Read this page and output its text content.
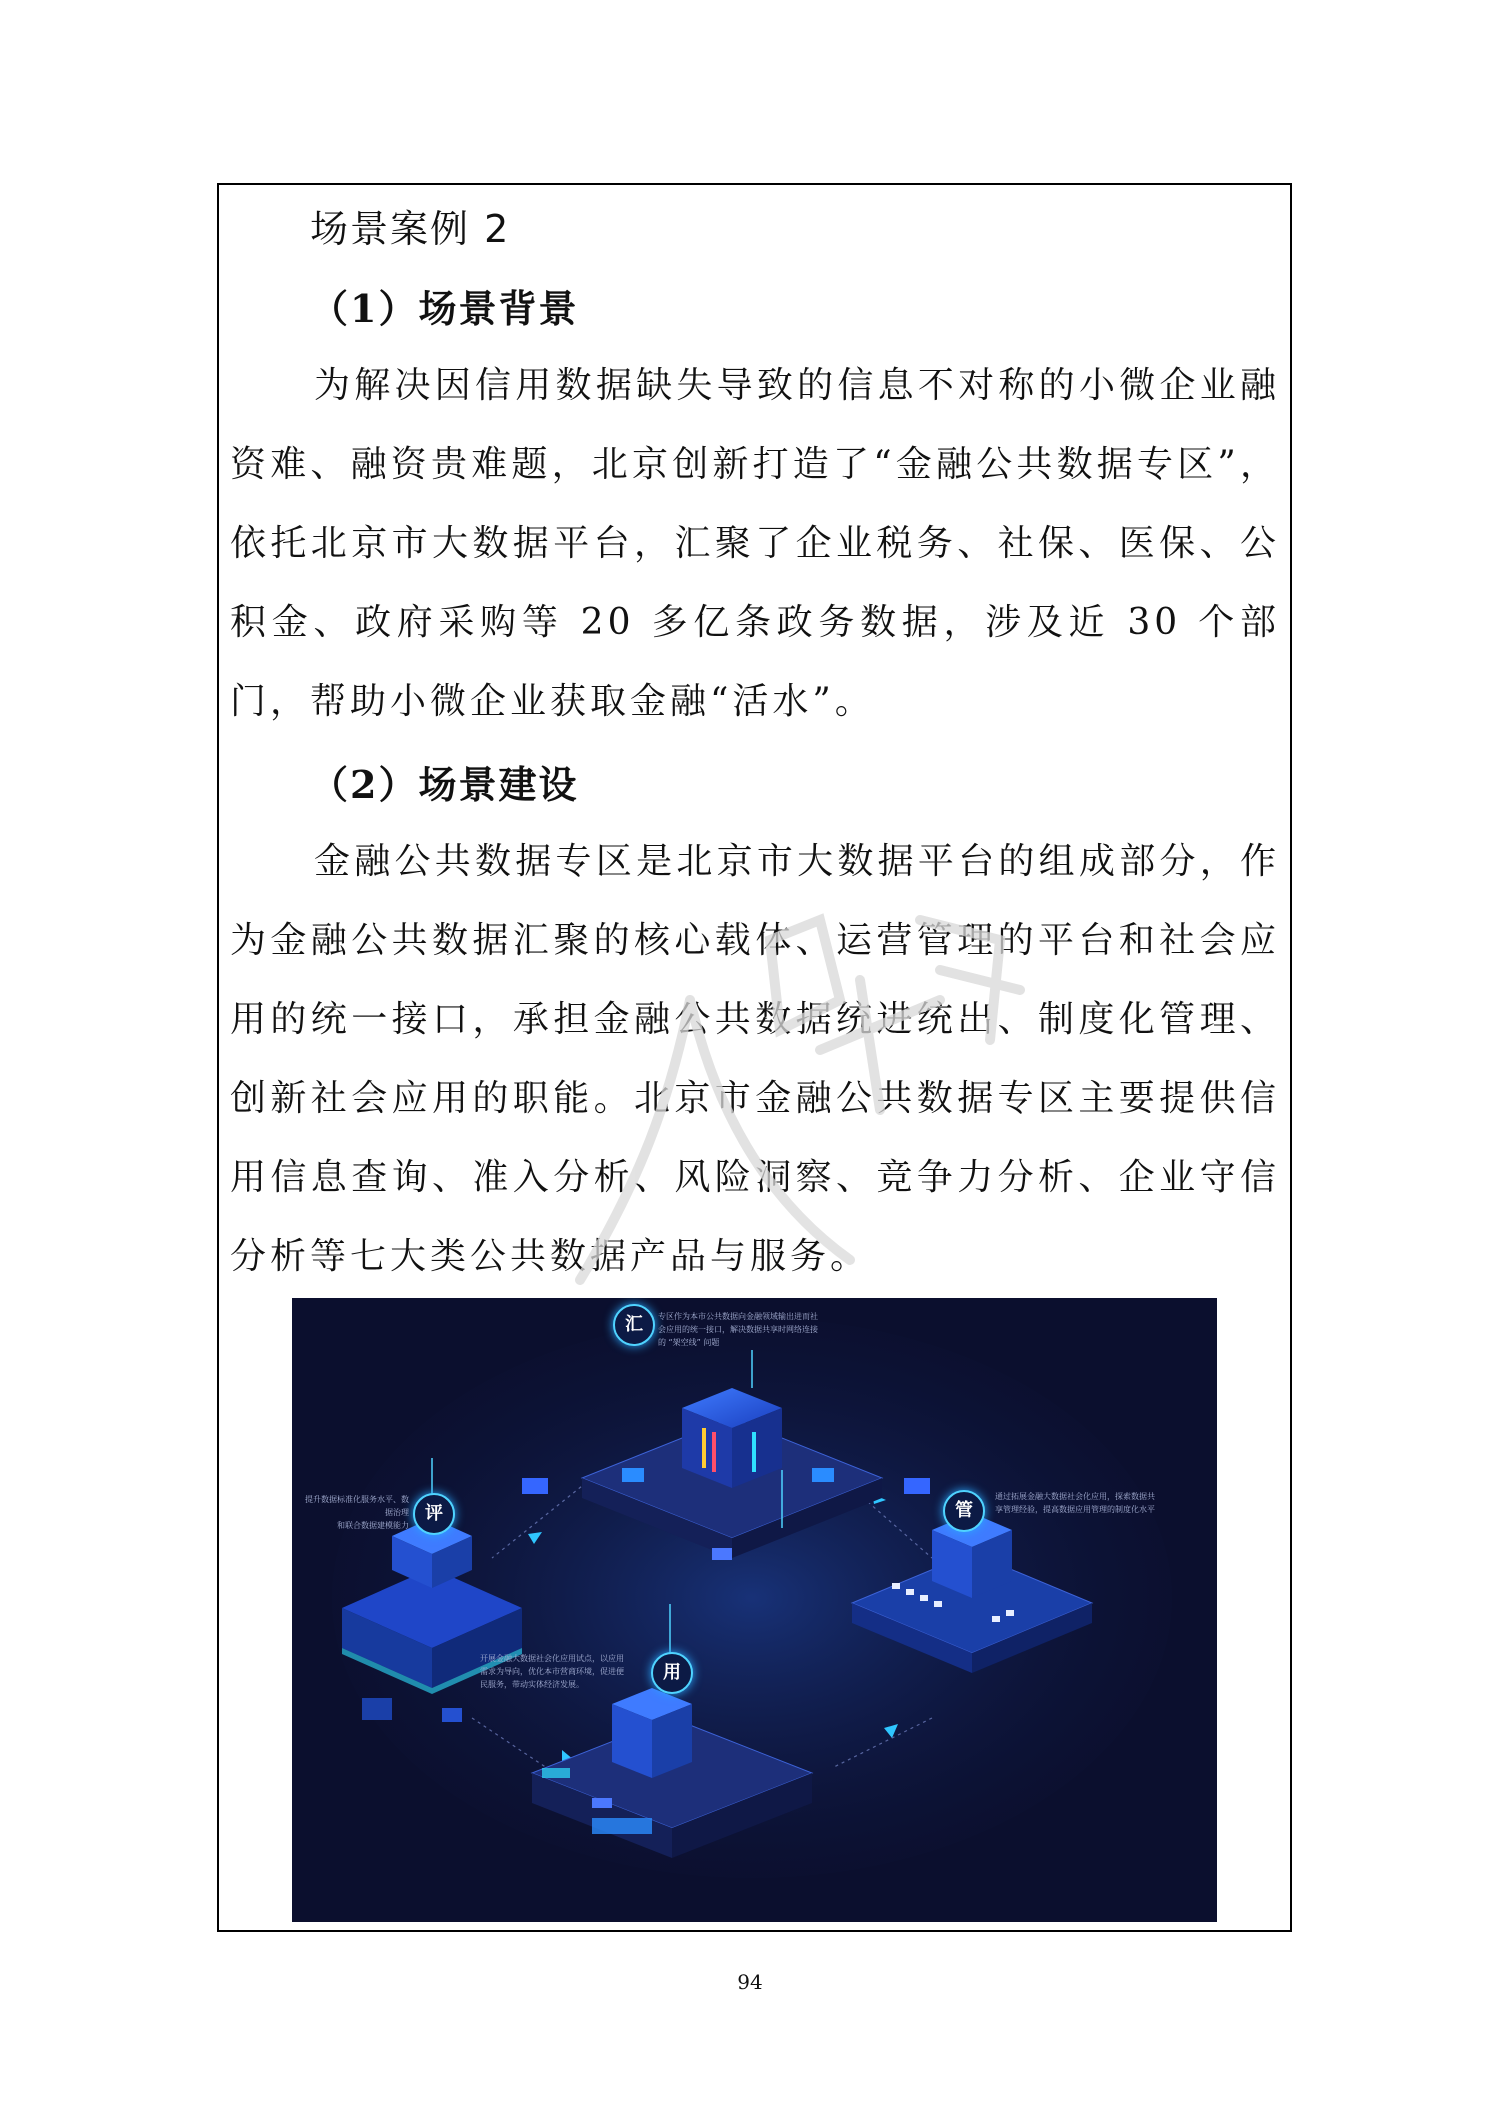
场景案例 2
（1）场景背景

为解决因信用数据缺失导致的信息不对称的小微企业融资难、融资贵难题，北京创新打造了“金融公共数据专区”，依托北京市大数据平台，汇聚了企业税务、社保、医保、公积金、政府采购等 20 多亿条政务数据，涉及近 30 个部门，帮助小微企业获取金融“活水”。

（2）场景建设

金融公共数据专区是北京市大数据平台的组成部分，作为金融公共数据汇聚的核心载体、运营管理的平台和社会应用的统一接口，承担金融公共数据统进统出、制度化管理、创新社会应用的职能。北京市金融公共数据专区主要提供信用信息查询、准入分析、风险洞察、竞争力分析、企业守信分析等七大类公共数据产品与服务。

汇	专区作为本市公共数据向金融领域输出进而社
会应用的统一接口，解决数据共享时网络连接
的 “架空线” 问题
评
提升数据标准化服务水平、数据治理
和联合数据建模能力
管
通过拓展金融大数据社会化应用，探索数据共
享管理经验，提高数据应用管理的制度化水平
用
开展金融大数据社会化应用试点，以应用
需求为导向，优化本市营商环境，促进便
民服务，带动实体经济发展。
94
